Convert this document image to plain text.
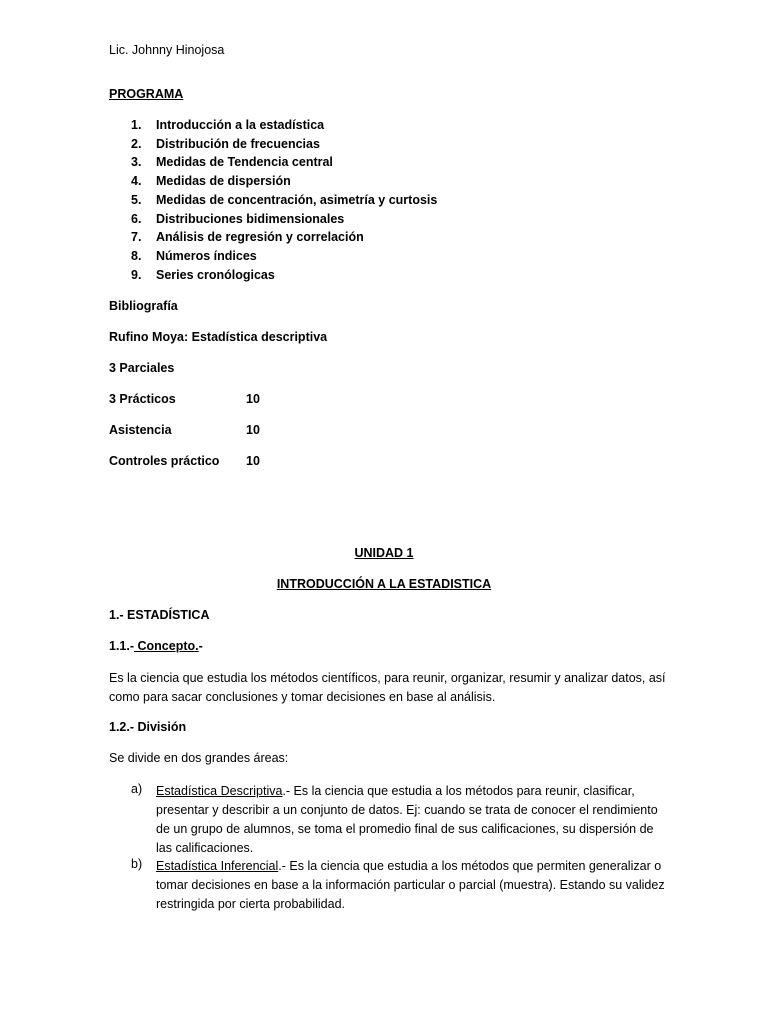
Lic. Johnny Hinojosa
PROGRAMA
1. Introducción a la estadística
2. Distribución de frecuencias
3. Medidas de Tendencia central
4. Medidas de dispersión
5. Medidas de concentración, asimetría y curtosis
6. Distribuciones bidimensionales
7. Análisis de regresión y correlación
8. Números índices
9. Series cronólogicas
Bibliografía
Rufino Moya: Estadística descriptiva
3 Parciales
3 Prácticos	10
Asistencia	10
Controles práctico 10
UNIDAD 1
INTRODUCCIÓN A LA ESTADISTICA
1.- ESTADÍSTICA
1.1.- Concepto.-
Es la ciencia que estudia los métodos científicos, para reunir, organizar, resumir y analizar datos, así como para sacar conclusiones y tomar decisiones en base al análisis.
1.2.- División
Se divide en dos grandes áreas:
a) Estadística Descriptiva.- Es la ciencia que estudia a los métodos para reunir, clasificar, presentar y describir a un conjunto de datos. Ej: cuando se trata de conocer el rendimiento de un grupo de alumnos, se toma el promedio final de sus calificaciones, su dispersión de las calificaciones.
b) Estadística Inferencial.- Es la ciencia que estudia a los métodos que permiten generalizar o tomar decisiones en base a la información particular o parcial (muestra). Estando su validez restringida por cierta probabilidad.
